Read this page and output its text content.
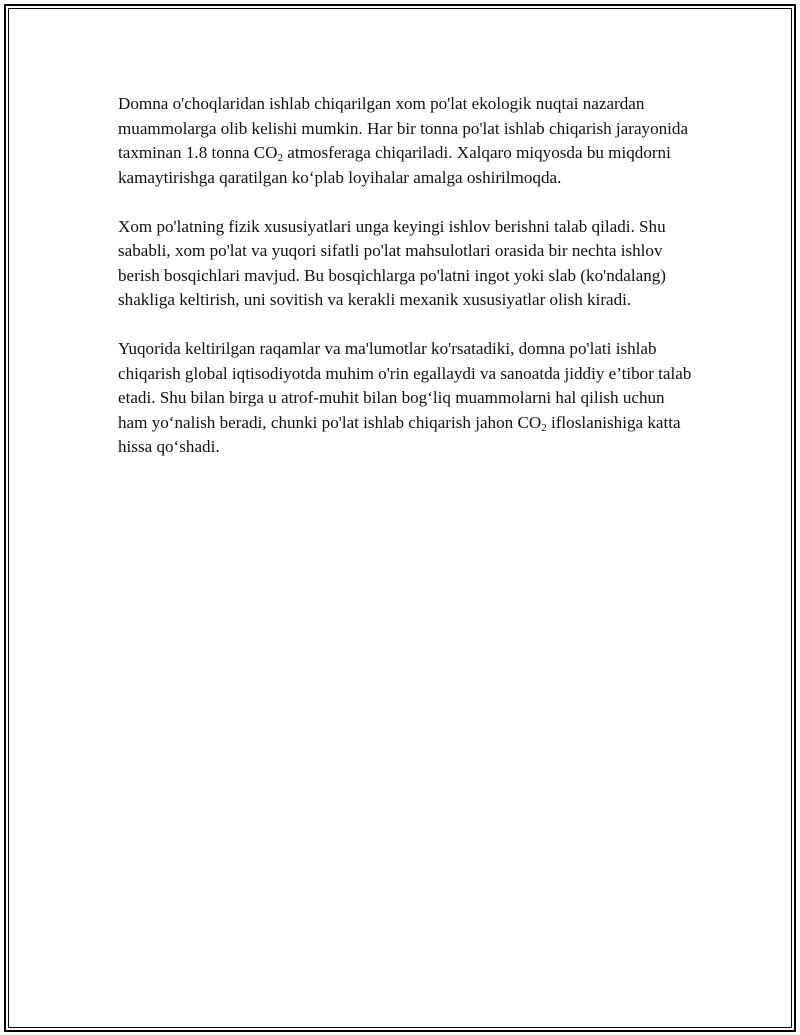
Domna o'choqlaridan ishlab chiqarilgan xom po'lat ekologik nuqtai nazardan muammolarga olib kelishi mumkin. Har bir tonna po'lat ishlab chiqarish jarayonida taxminan 1.8 tonna $CO_2$ atmosferaga chiqariladi. Xalqaro miqyosda bu miqdorni kamaytirishga qaratilgan ko‘plab loyihalar amalga oshirilmoqda.

Xom po'latning fizik xususiyatlari unga keyingi ishlov berishni talab qiladi. Shu sababli, xom po'lat va yuqori sifatli po'lat mahsulotlari orasida bir nechta ishlov berish bosqichlari mavjud. Bu bosqichlarga po'latni ingot yoki slab (ko'ndalang) shakliga keltirish, uni sovitish va kerakli mexanik xususiyatlar olish kiradi.

Yuqorida keltirilgan raqamlar va ma'lumotlar ko'rsatadiki, domna po'lati ishlab chiqarish global iqtisodiyotda muhim o'rin egallaydi va sanoatda jiddiy e’tibor talab etadi. Shu bilan birga u atrof-muhit bilan bog‘liq muammolarni hal qilish uchun ham yo‘nalish beradi, chunki po'lat ishlab chiqarish jahon $CO_2$ ifloslanishiga katta hissa qo‘shadi.
